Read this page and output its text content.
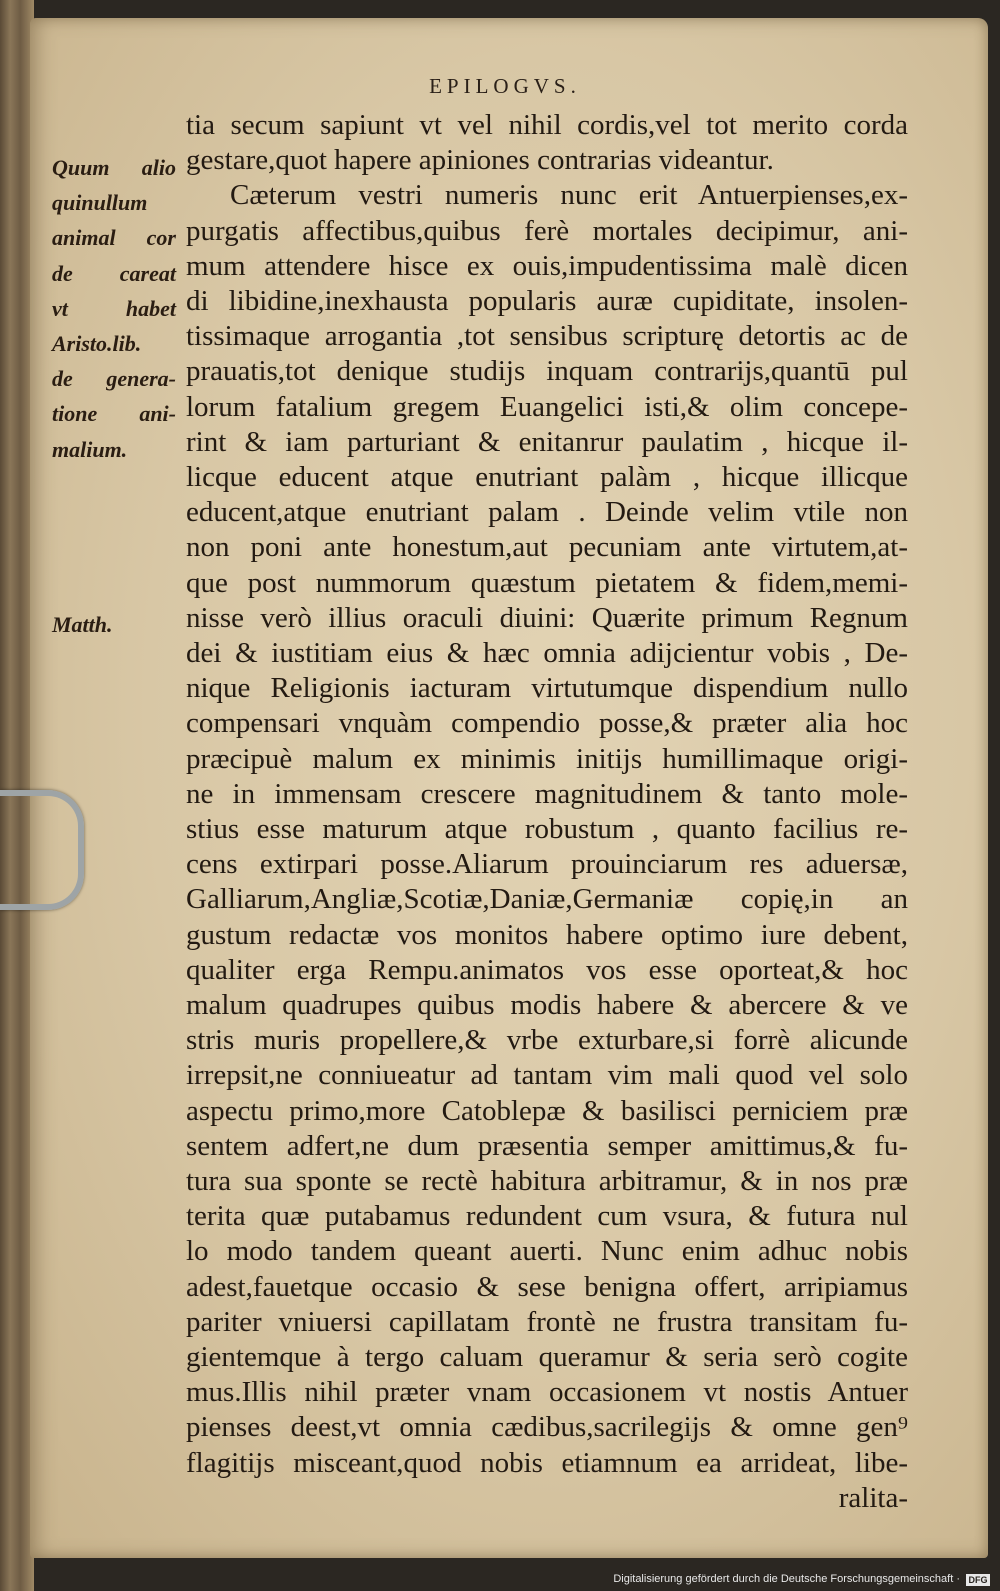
EPILOGVS.
tia secum sapiunt vt vel nihil cordis,vel tot merito corda
gestare,quot hapere apiniones contrarias videantur.
Cæterum vestri numeris nunc erit Antuerpienses,ex-
purgatis affectibus,quibus ferè mortales decipimur, ani-
mum attendere hisce ex ouis,impudentissima malè dicen
di libidine,inexhausta popularis auræ cupiditate, insolen-
tissimaque arrogantia ,tot sensibus scripturę detortis ac de
prauatis,tot denique studijs inquam contrarijs,quantū pul
lorum fatalium gregem Euangelici isti,& olim concepe-
rint & iam parturiant & enitanrur paulatim , hicque il-
licque educent atque enutriant palàm , hicque illicque
educent,atque enutriant palam . Deinde velim vtile non
non poni ante honestum,aut pecuniam ante virtutem,at-
que post nummorum quæstum pietatem & fidem,memi-
nisse verò illius oraculi diuini: Quærite primum Regnum
dei & iustitiam eius & hæc omnia adijcientur vobis , De-
nique Religionis iacturam virtutumque dispendium nullo
compensari vnquàm compendio posse,& præter alia hoc
præcipuè malum ex minimis initijs humillimaque origi-
ne in immensam crescere magnitudinem & tanto mole-
stius esse maturum atque robustum , quanto facilius re-
cens extirpari posse.Aliarum prouinciarum res aduersæ,
Galliarum,Angliæ,Scotiæ,Daniæ,Germaniæ copię,in an
gustum redactæ vos monitos habere optimo iure debent,
qualiter erga Rempu.animatos vos esse oporteat,& hoc
malum quadrupes quibus modis habere & abercere & ve
stris muris propellere,& vrbe exturbare,si forrè alicunde
irrepsit,ne conniueatur ad tantam vim mali quod vel solo
aspectu primo,more Catoblepæ & basilisci perniciem præ
sentem adfert,ne dum præsentia semper amittimus,& fu-
tura sua sponte se rectè habitura arbitramur, & in nos præ
terita quæ putabamus redundent cum vsura, & futura nul
lo modo tandem queant auerti. Nunc enim adhuc nobis
adest,fauetque occasio & sese benigna offert, arripiamus
pariter vniuersi capillatam frontè ne frustra transitam fu-
gientemque à tergo caluam queramur & seria serò cogite
mus.Illis nihil præter vnam occasionem vt nostis Antuer
pienses deest,vt omnia cædibus,sacrilegijs & omne gen⁹
flagitijs misceant,quod nobis etiamnum ea arrideat, libe-
ralita-
Quum alio
quinullum
animal cor
de careat
vt habet
Aristo.lib.
de genera-
tione ani-
malium.
Matth.
Digitalisierung gefördert durch die Deutsche Forschungsgemeinschaft · DFG
